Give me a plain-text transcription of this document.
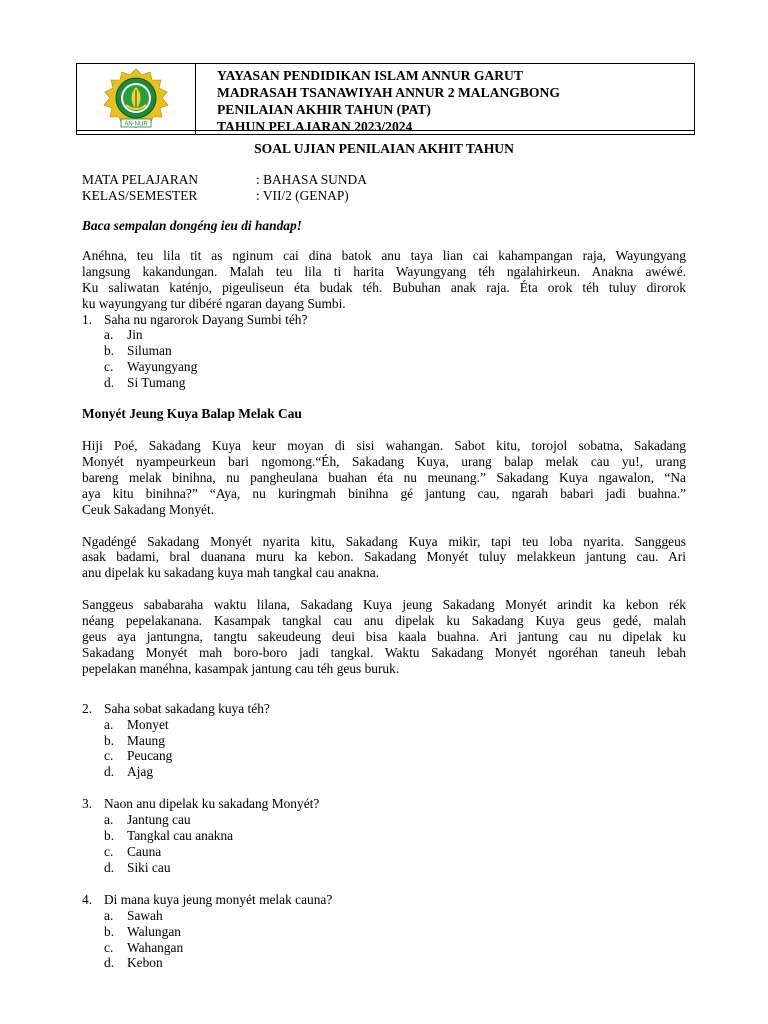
AN-NUR
YAYASAN PENDIDIKAN ISLAM ANNUR GARUT
MADRASAH TSANAWIYAH ANNUR 2 MALANGBONG
PENILAIAN AKHIR TAHUN (PAT)
TAHUN PELAJARAN 2023/2024
SOAL UJIAN PENILAIAN AKHIT TAHUN
MATA PELAJARAN	: BAHASA SUNDA
KELAS/SEMESTER	: VII/2 (GENAP)
Baca sempalan dongéng ieu di handap!
Anéhna, teu lila tit as nginum cai dina batok anu taya lian cai kahampangan raja, Wayungyang
langsung kakandungan. Malah teu lila ti harita Wayungyang téh ngalahirkeun. Anakna awéwé.
Ku saliwatan katénjo, pigeuliseun éta budak téh. Bubuhan anak raja. Éta orok téh tuluy dirorok
ku wayungyang tur dibéré ngaran dayang Sumbi.
1. Saha nu ngarorok Dayang Sumbi téh?
a.	Jin
b. Siluman
c.	Wayungyang
d. Si Tumang
Monyét Jeung Kuya Balap Melak Cau
Hiji Poé, Sakadang Kuya keur moyan di sisi wahangan. Sabot kitu, torojol sobatna, Sakadang
Monyét nyampeurkeun bari ngomong.“Éh, Sakadang Kuya, urang balap melak cau yu!, urang
bareng melak binihna, nu pangheulana buahan éta nu meunang.” Sakadang Kuya ngawalon, “Na
aya kitu binihna?” “Aya, nu kuringmah binihna gé jantung cau, ngarah babari jadi buahna.”
Ceuk Sakadang Monyét.
Ngadéngé Sakadang Monyét nyarita kitu, Sakadang Kuya mikir, tapi teu loba nyarita. Sanggeus
asak badami, bral duanana muru ka kebon. Sakadang Monyét tuluy melakkeun jantung cau. Ari
anu dipelak ku sakadang kuya mah tangkal cau anakna.
Sanggeus sababaraha waktu lilana, Sakadang Kuya jeung Sakadang Monyét arindit ka kebon rék
néang pepelakanana. Kasampak tangkal cau anu dipelak ku Sakadang Kuya geus gedé, malah
geus aya jantungna, tangtu sakeudeung deui bisa kaala buahna. Ari jantung cau nu dipelak ku
Sakadang Monyét mah boro-boro jadi tangkal. Waktu Sakadang Monyét ngoréhan taneuh lebah
pepelakan manéhna, kasampak jantung cau téh geus buruk.
2. Saha sobat sakadang kuya téh?
a.	Monyet
b. Maung
c.	Peucang
d. Ajag
3. Naon anu dipelak ku sakadang Monyét?
a.	Jantung cau
b. Tangkal cau anakna
c.	Cauna
d. Siki cau
4. Di mana kuya jeung monyét melak cauna?
a.	Sawah
b. Walungan
c.	Wahangan
d. Kebon
